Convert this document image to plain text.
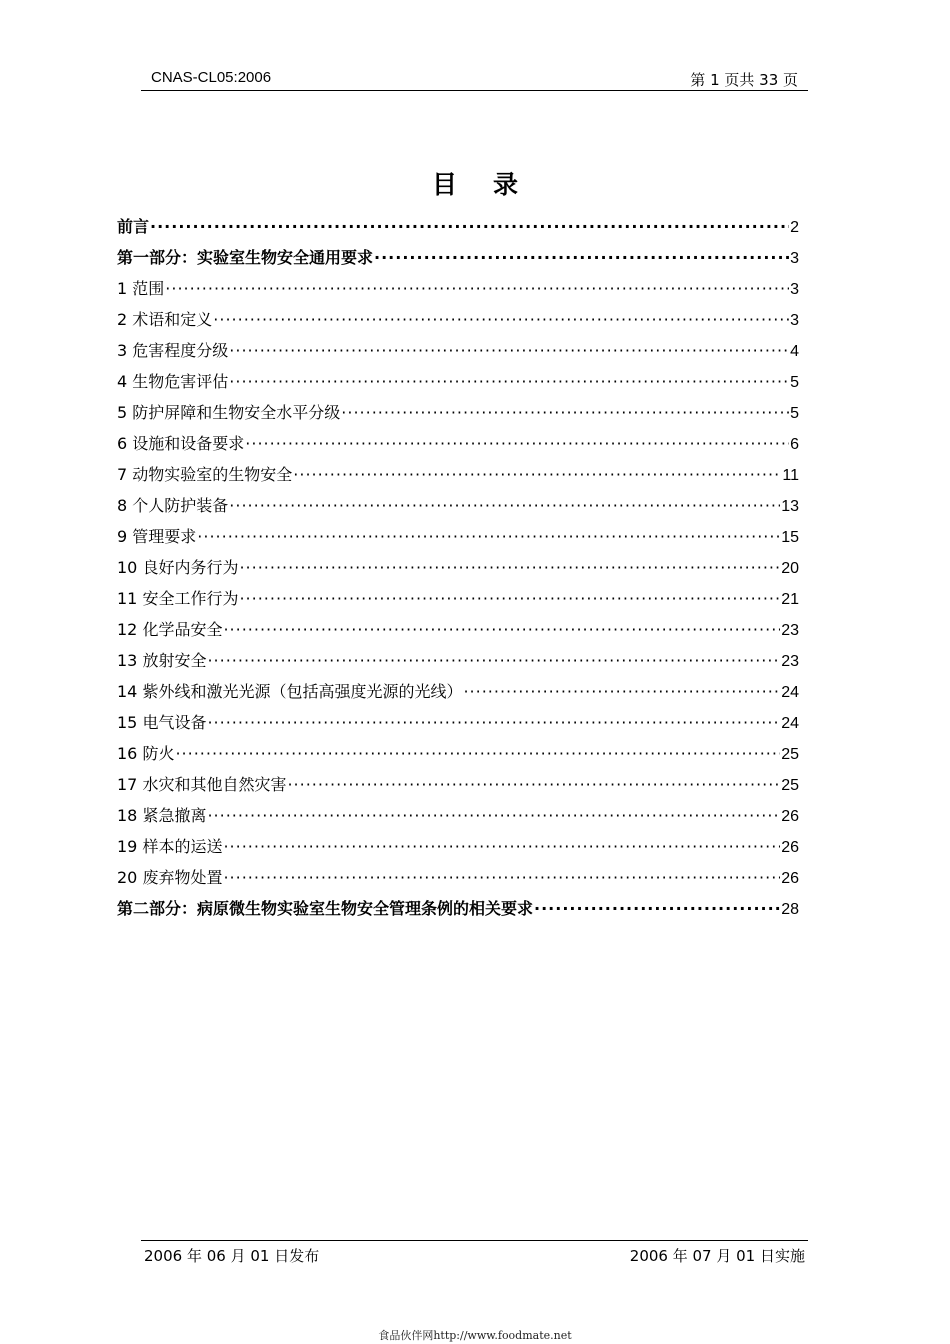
CNAS-CL05:2006	第 1 页共 33 页
目录
前言 ·····	2
第一部分：实验室生物安全通用要求 ·····	3
1 范围 ·····	3
2 术语和定义 ·····	3
3 危害程度分级 ·····	4
4 生物危害评估 ·····	5
5 防护屏障和生物安全水平分级 ·····	5
6 设施和设备要求 ·····	6
7 动物实验室的生物安全 ·····	11
8 个人防护装备 ·····	13
9 管理要求 ·····	15
10 良好内务行为 ·····	20
11 安全工作行为 ·····	21
12 化学品安全 ·····	23
13 放射安全 ·····	23
14 紫外线和激光光源（包括高强度光源的光线） ·····	24
15 电气设备 ·····	24
16 防火 ·····	25
17 水灾和其他自然灾害 ·····	25
18 紧急撤离 ·····	26
19 样本的运送 ·····	26
20 废弃物处置 ·····	26
第二部分：病原微生物实验室生物安全管理条例的相关要求 ·····	28
2006 年 06 月 01 日发布	2006 年 07 月 01 日实施
食品伙伴网http://www.foodmate.net
